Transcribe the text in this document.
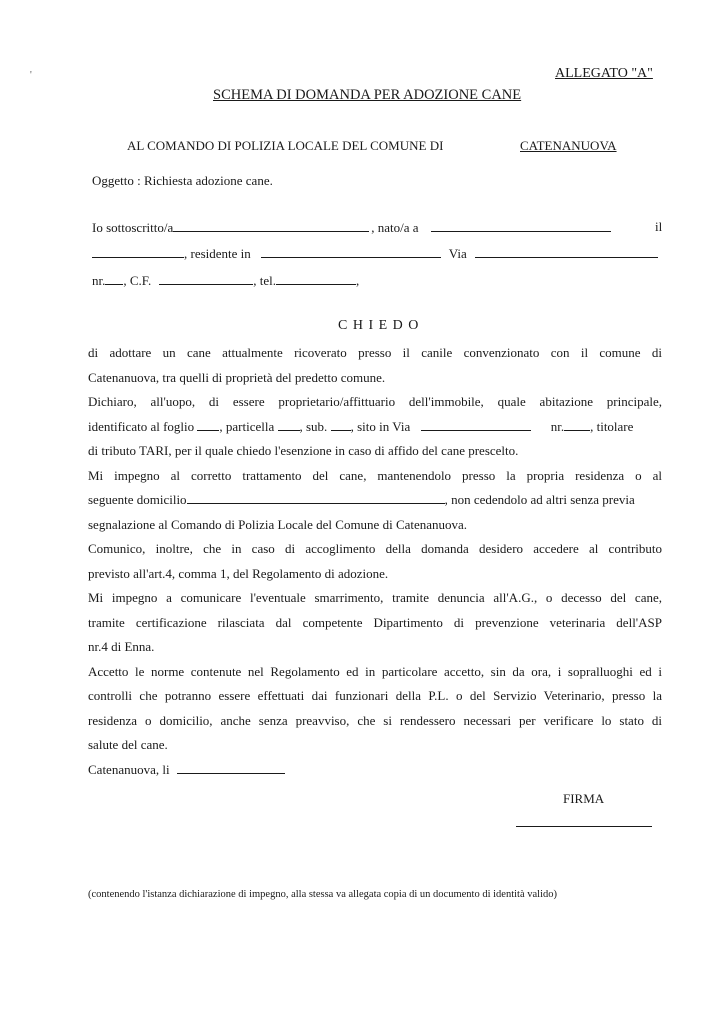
'	ALLEGATO "A"
SCHEMA DI DOMANDA PER ADOZIONE CANE
AL COMANDO DI POLIZIA LOCALE DEL COMUNE DI	CATENANUOVA
Oggetto : Richiesta adozione cane.
Io sottoscritto/a	, nato/a a	il
, residente in	Via
nr. , C.F.	, tel.	,
C H I E D O
di adottare un cane attualmente ricoverato presso il canile convenzionato con il comune di
Catenanuova, tra quelli di proprietà del predetto comune.
Dichiaro, all'uopo, di essere proprietario/affittuario dell'immobile, quale abitazione principale,
identificato al foglio , particella , sub. , sito in Via	nr. , titolare
di tributo TARI, per il quale chiedo l'esenzione in caso di affido del cane prescelto.
Mi impegno al corretto trattamento del cane, mantenendolo presso la propria residenza o al
seguente domicilio	, non cedendolo ad altri senza previa
segnalazione al Comando di Polizia Locale del Comune di Catenanuova.
Comunico, inoltre, che in caso di accoglimento della domanda desidero accedere al contributo
previsto all'art.4, comma 1, del Regolamento di adozione.
Mi impegno a comunicare l'eventuale smarrimento, tramite denuncia all'A.G., o decesso del cane,
tramite certificazione rilasciata dal competente Dipartimento di prevenzione veterinaria dell'ASP
nr.4 di Enna.
Accetto le norme contenute nel Regolamento ed in particolare accetto, sin da ora, i sopralluoghi ed i
controlli che potranno essere effettuati dai funzionari della P.L. o del Servizio Veterinario, presso la
residenza o domicilio, anche senza preavviso, che si rendessero necessari per verificare lo stato di
salute del cane.
Catenanuova, li
FIRMA
(contenendo l'istanza dichiarazione di impegno, alla stessa va allegata copia di un documento di identità valido)
